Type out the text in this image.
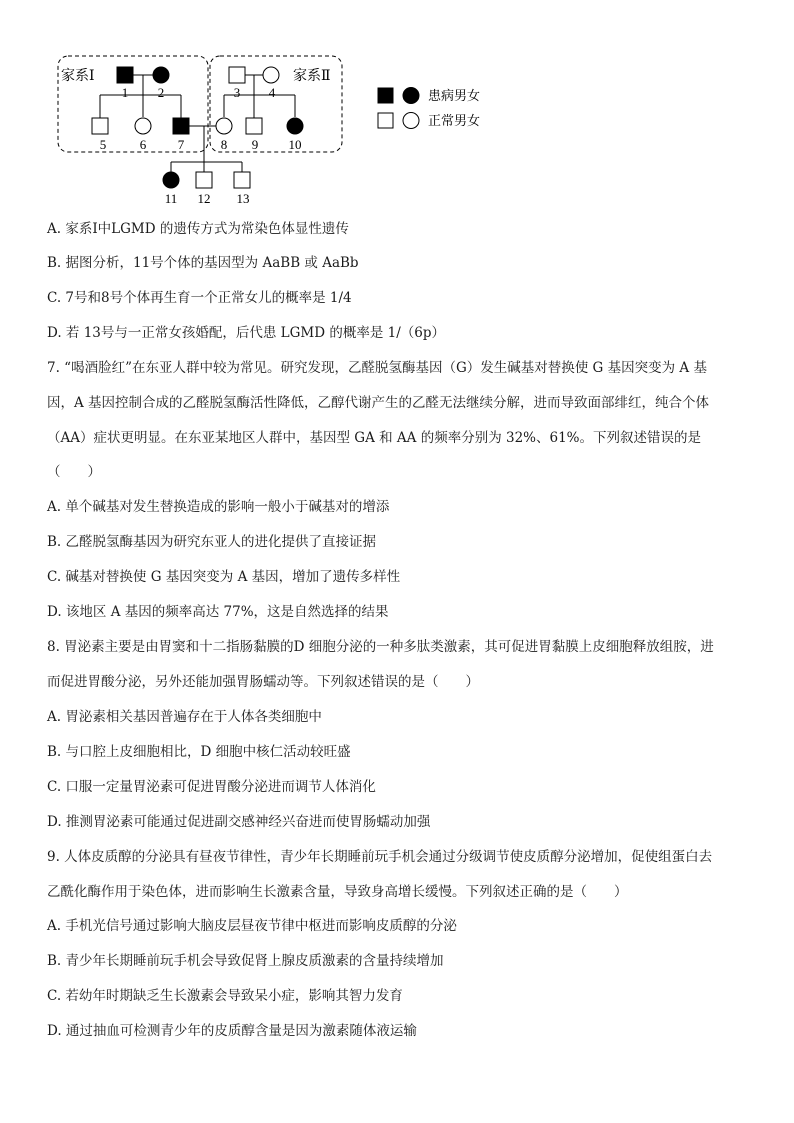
家系Ⅰ	家系Ⅱ
1 2	3 4
5	6 7	8 9 10
11 12 13
患病男女
正常男女
A. 家系Ⅰ中LGMD 的遗传方式为常染色体显性遗传
B. 据图分析，11号个体的基因型为 AaBB 或 AaBb
C. 7号和8号个体再生育一个正常女儿的概率是 1/4
D. 若 13号与一正常女孩婚配，后代患 LGMD 的概率是 1/（6p）
7. “喝酒脸红”在东亚人群中较为常见。研究发现，乙醛脱氢酶基因（G）发生碱基对替换使 G 基因突变为 A 基
因，A 基因控制合成的乙醛脱氢酶活性降低，乙醇代谢产生的乙醛无法继续分解，进而导致面部绯红，纯合个体
（AA）症状更明显。在东亚某地区人群中，基因型 GA 和 AA 的频率分别为 32%、61%。下列叙述错误的是
（　　）
A. 单个碱基对发生替换造成的影响一般小于碱基对的增添
B. 乙醛脱氢酶基因为研究东亚人的进化提供了直接证据
C. 碱基对替换使 G 基因突变为 A 基因，增加了遗传多样性
D. 该地区 A 基因的频率高达 77%，这是自然选择的结果
8. 胃泌素主要是由胃窦和十二指肠黏膜的D 细胞分泌的一种多肽类激素，其可促进胃黏膜上皮细胞释放组胺，进
而促进胃酸分泌，另外还能加强胃肠蠕动等。下列叙述错误的是（　　）
A. 胃泌素相关基因普遍存在于人体各类细胞中
B. 与口腔上皮细胞相比，D 细胞中核仁活动较旺盛
C. 口服一定量胃泌素可促进胃酸分泌进而调节人体消化
D. 推测胃泌素可能通过促进副交感神经兴奋进而使胃肠蠕动加强
9. 人体皮质醇的分泌具有昼夜节律性，青少年长期睡前玩手机会通过分级调节使皮质醇分泌增加，促使组蛋白去
乙酰化酶作用于染色体，进而影响生长激素含量，导致身高增长缓慢。下列叙述正确的是（　　）
A. 手机光信号通过影响大脑皮层昼夜节律中枢进而影响皮质醇的分泌
B. 青少年长期睡前玩手机会导致促肾上腺皮质激素的含量持续增加
C. 若幼年时期缺乏生长激素会导致呆小症，影响其智力发育
D. 通过抽血可检测青少年的皮质醇含量是因为激素随体液运输
